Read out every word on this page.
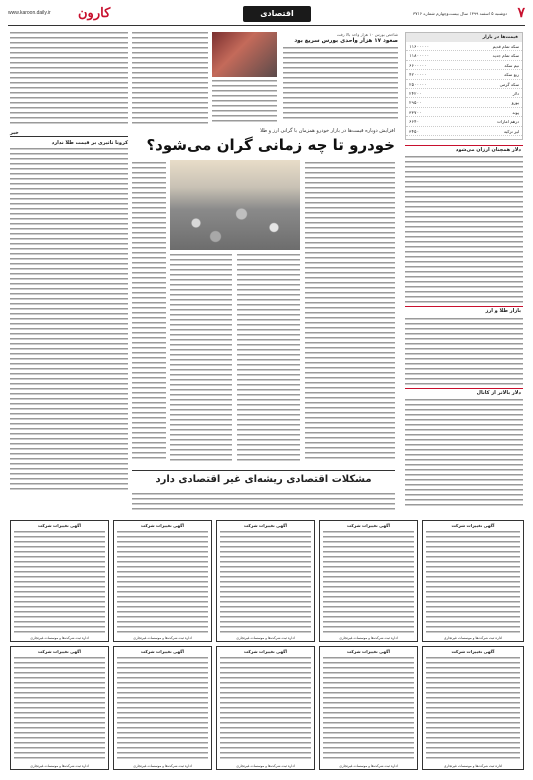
www.karoon.daily.ir کارون	اقتصادی	دوشنبه ۵ اسفند ۱۳۹۹ سال بیست‌وچهارم شماره ۳۷۱۶ ۷
قیمت‌ها در بازار
سکه تمام قدیم
۱۱۶۰۰۰۰۰
سکه تمام جدید
۱۱۸۰۰۰۰۰
نیم سکه
۶۶۰۰۰۰۰
ربع سکه
۴۲۰۰۰۰۰
سکه گرمی
۲۵۰۰۰۰۰
دلار
۲۴۲۰۰
یورو
۲۹۵۰۰
پوند
۳۳۷۰۰
درهم امارات
۶۶۴۰
لیر ترکیه
۳۴۵۰
دلار همچنان ارزان می‌شود
بازار طلا و ارز
دلار بالاتر از کانال
شاخص بورس ۱۰ هزار واحد بالا رفت
صعود ۱۷ هزار واحدی بورس سریع بود
خبر
کرونا تاثیری بر قیمت طلا ندارد
افزایش دوباره قیمت‌ها در بازار خودرو همزمان با گرانی ارز و طلا
خودرو تا چه زمانی گران می‌شود؟
مشکلات اقتصادی ریشه‌ای غیر اقتصادی دارد
آگهی تغییرات شرکت
اداره ثبت شرکت‌ها و موسسات غیرتجاری
آگهی تغییرات شرکت
اداره ثبت شرکت‌ها و موسسات غیرتجاری
آگهی تغییرات شرکت
اداره ثبت شرکت‌ها و موسسات غیرتجاری
آگهی تغییرات شرکت
اداره ثبت شرکت‌ها و موسسات غیرتجاری
آگهی تغییرات شرکت
اداره ثبت شرکت‌ها و موسسات غیرتجاری
آگهی تغییرات شرکت
اداره ثبت شرکت‌ها و موسسات غیرتجاری
آگهی تغییرات شرکت
اداره ثبت شرکت‌ها و موسسات غیرتجاری
آگهی تغییرات شرکت
اداره ثبت شرکت‌ها و موسسات غیرتجاری
آگهی تغییرات شرکت
اداره ثبت شرکت‌ها و موسسات غیرتجاری
آگهی تغییرات شرکت
اداره ثبت شرکت‌ها و موسسات غیرتجاری
